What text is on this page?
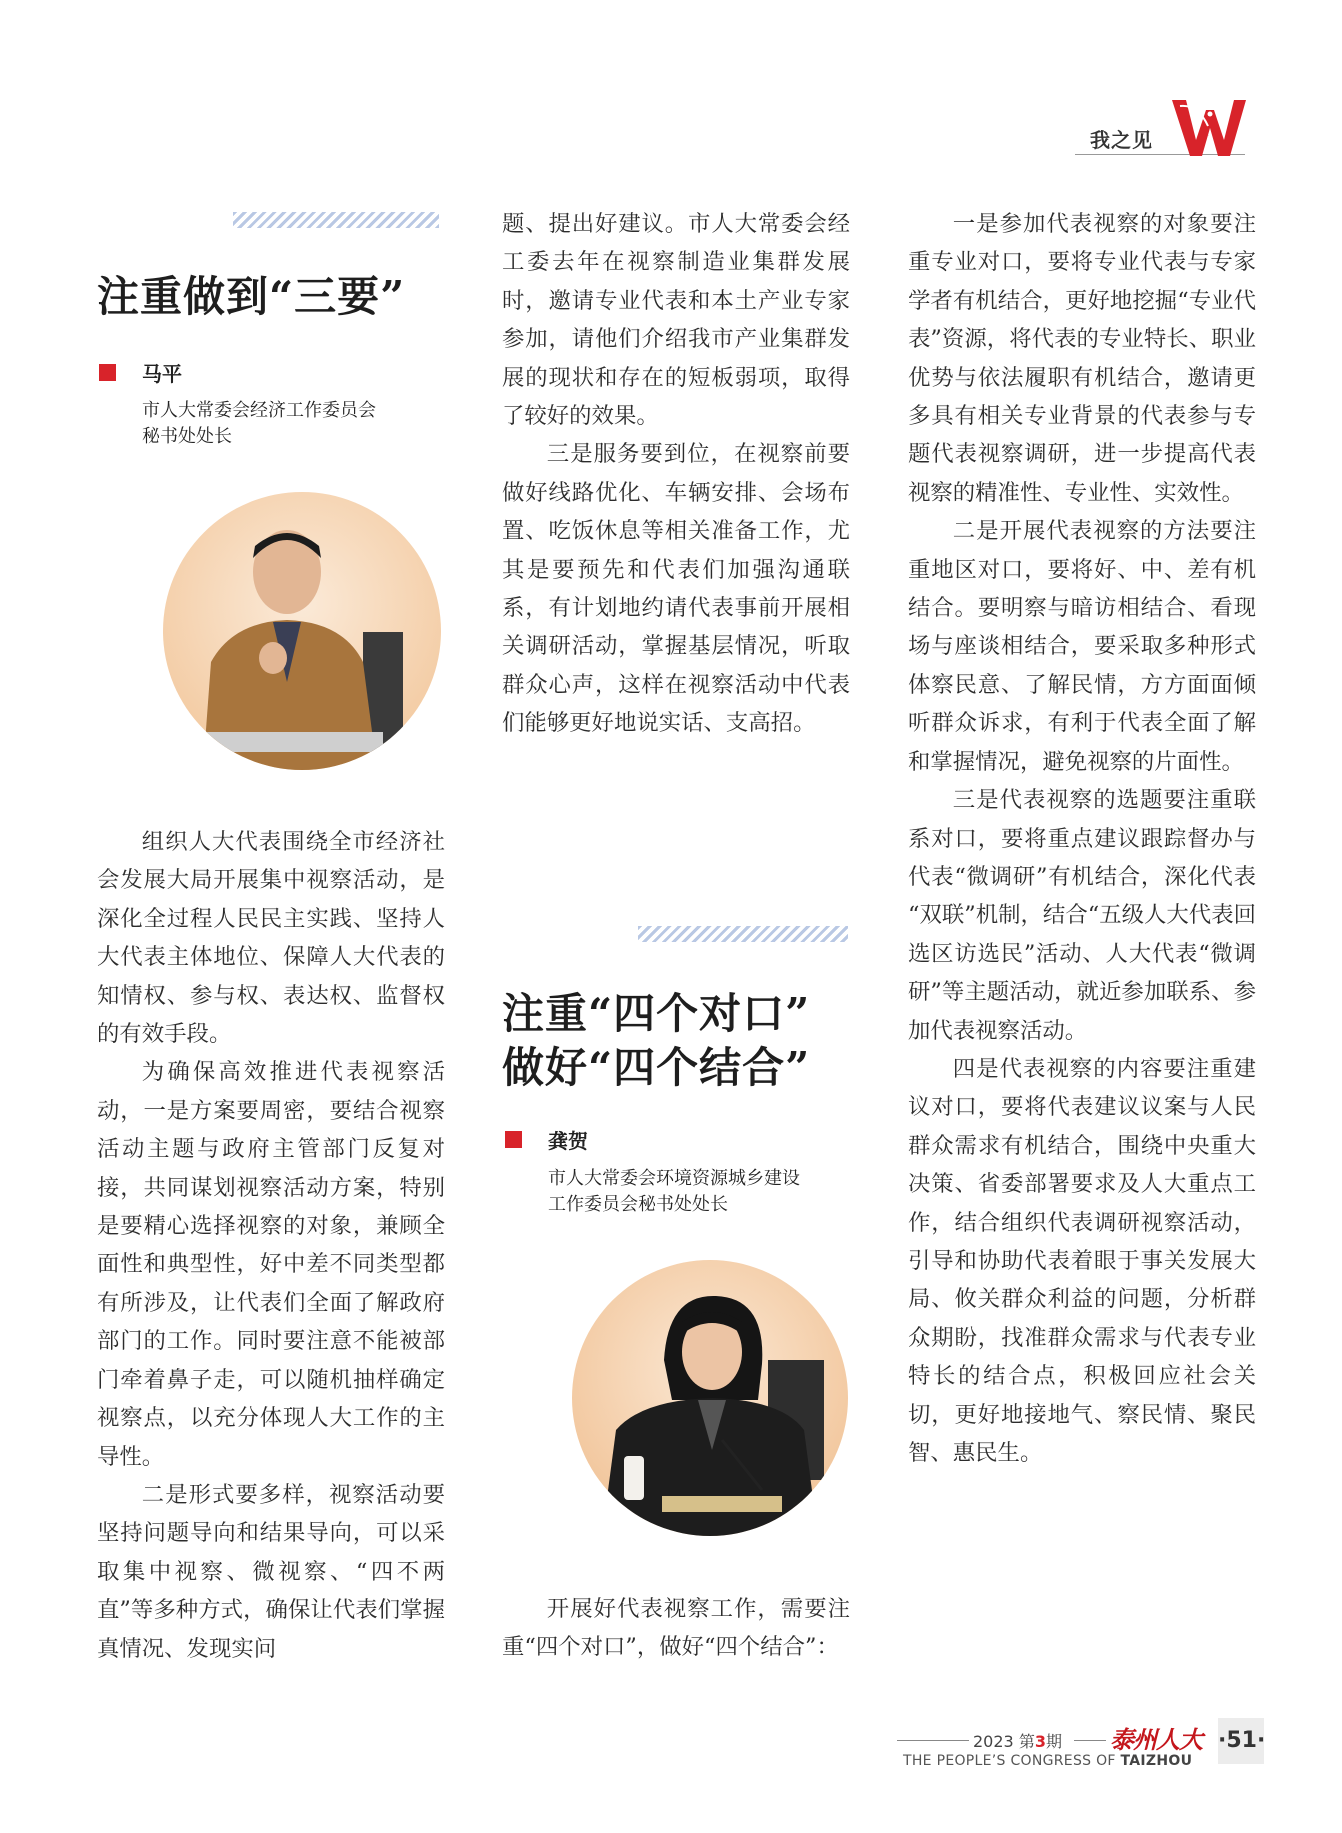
我之见	W
注重做到“三要”
马平

市人大常委会经济工作委员会
秘书处处长

组织人大代表围绕全市经济社会发展大局开展集中视察活动，是深化全过程人民民主实践、坚持人大代表主体地位、保障人大代表的知情权、参与权、表达权、监督权的有效手段。

为确保高效推进代表视察活动，一是方案要周密，要结合视察活动主题与政府主管部门反复对接，共同谋划视察活动方案，特别是要精心选择视察的对象，兼顾全面性和典型性，好中差不同类型都有所涉及，让代表们全面了解政府部门的工作。同时要注意不能被部门牵着鼻子走，可以随机抽样确定视察点，以充分体现人大工作的主导性。

二是形式要多样，视察活动要坚持问题导向和结果导向，可以采取集中视察、微视察、“四不两直”等多种方式，确保让代表们掌握真情况、发现实问

题、提出好建议。市人大常委会经工委去年在视察制造业集群发展时，邀请专业代表和本土产业专家参加，请他们介绍我市产业集群发展的现状和存在的短板弱项，取得了较好的效果。

三是服务要到位，在视察前要做好线路优化、车辆安排、会场布置、吃饭休息等相关准备工作，尤其是要预先和代表们加强沟通联系，有计划地约请代表事前开展相关调研活动，掌握基层情况，听取群众心声，这样在视察活动中代表们能够更好地说实话、支高招。

注重“四个对口”
做好“四个结合”
龚贺

市人大常委会环境资源城乡建设
工作委员会秘书处处长

开展好代表视察工作，需要注重“四个对口”，做好“四个结合”：

一是参加代表视察的对象要注重专业对口，要将专业代表与专家学者有机结合，更好地挖掘“专业代表”资源，将代表的专业特长、职业优势与依法履职有机结合，邀请更多具有相关专业背景的代表参与专题代表视察调研，进一步提高代表视察的精准性、专业性、实效性。

二是开展代表视察的方法要注重地区对口，要将好、中、差有机结合。要明察与暗访相结合、看现场与座谈相结合，要采取多种形式体察民意、了解民情，方方面面倾听群众诉求，有利于代表全面了解和掌握情况，避免视察的片面性。

三是代表视察的选题要注重联系对口，要将重点建议跟踪督办与代表“微调研”有机结合，深化代表 “双联”机制，结合“五级人大代表回选区访选民”活动、人大代表“微调研”等主题活动，就近参加联系、参加代表视察活动。

四是代表视察的内容要注重建议对口，要将代表建议议案与人民群众需求有机结合，围绕中央重大决策、省委部署要求及人大重点工作，结合组织代表调研视察活动，引导和协助代表着眼于事关发展大局、攸关群众利益的问题，分析群众期盼，找准群众需求与代表专业特长的结合点，积极回应社会关切，更好地接地气、察民情、聚民智、惠民生。

2023 第3期 泰州人大
THE PEOPLE’S CONGRESS OF TAIZHOU
·51·
